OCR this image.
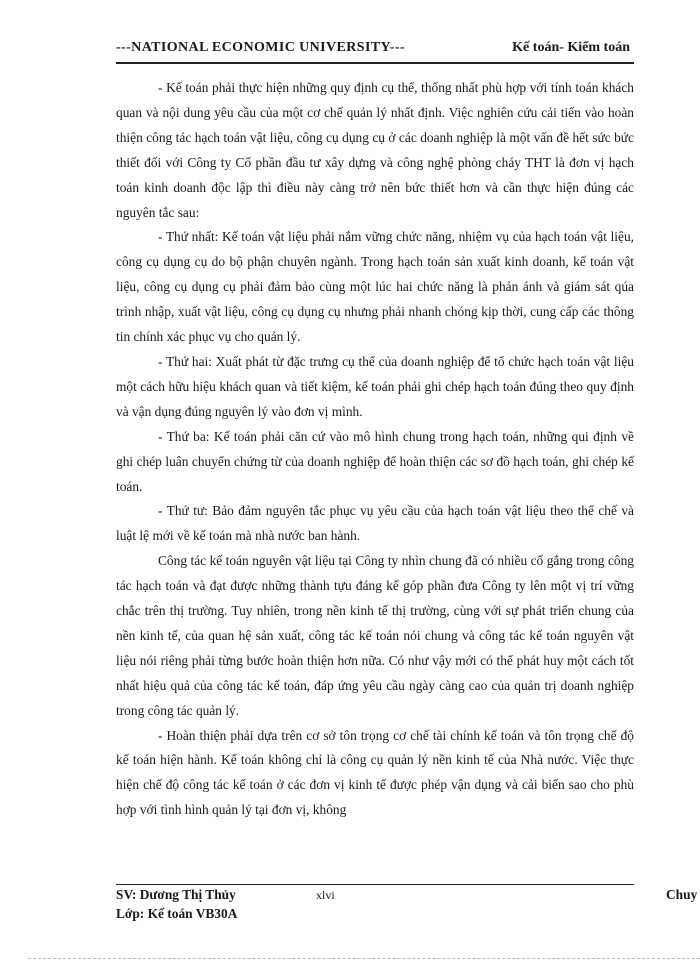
---NATIONAL ECONOMIC UNIVERSITY---	Kế toán- Kiểm toán

- Kế toán phải thực hiện những quy định cụ thể, thống nhất phù hợp với tính toán khách quan và nội dung yêu cầu của một cơ chế quản lý nhất định. Việc nghiên cứu cải tiến vào hoàn thiện công tác hạch toán vật liệu, công cụ dụng cụ ở các doanh nghiệp là một vấn đề hết sức bức thiết đối với Công ty Cổ phần đầu tư xây dựng và công nghệ phòng cháy THT là đơn vị hạch toán kinh doanh độc lập thì điều này càng trở nên bức thiết hơn và cần thực hiện đúng các nguyên tắc sau:

- Thứ nhất: Kế toán vật liệu phải nắm vững chức năng, nhiệm vụ của hạch toán vật liệu, công cụ dụng cụ do bộ phận chuyên ngành. Trong hạch toán sản xuất kinh doanh, kế toán vật liệu, công cụ dụng cụ phải đảm bảo cùng một lúc hai chức năng là phản ánh và giám sát qúa trình nhập, xuất vật liệu, công cụ dụng cụ nhưng phải nhanh chóng kịp thời, cung cấp các thông tin chính xác phục vụ cho quản lý.

- Thứ hai: Xuất phát từ đặc trưng cụ thể của doanh nghiệp để tổ chức hạch toán vật liệu một cách hữu hiệu khách quan và tiết kiệm, kế toán phải ghi chép hạch toán đúng theo quy định và vận dụng đúng nguyên lý vào đơn vị mình.

- Thứ ba: Kế toán phải căn cứ vào mô hình chung trong hạch toán, những qui định về ghi chép luân chuyển chứng từ của doanh nghiệp để hoàn thiện các sơ đồ hạch toán, ghi chép kế toán.

- Thứ tư: Bảo đảm nguyên tắc phục vụ yêu cầu của hạch toán vật liệu theo thể chế và luật lệ mới về kế toán mà nhà nước ban hành.

Công tác kế toán nguyên vật liệu tại Công ty nhìn chung đã có nhiều cố gắng trong công tác hạch toán và đạt được những thành tựu đáng kể góp phần đưa Công ty lên một vị trí vững chắc trên thị trường. Tuy nhiên, trong nền kinh tế thị trường, cùng với sự phát triển chung của nền kinh tế, của quan hệ sản xuất, công tác kế toán nói chung và công tác kế toán nguyên vật liệu nói riêng phải từng bước hoàn thiện hơn nữa. Có như vậy mới có thể phát huy một cách tốt nhất hiệu quả của công tác kế toán, đáp ứng yêu cầu ngày càng cao của quản trị doanh nghiệp trong công tác quản lý.

- Hoàn thiện phải dựa trên cơ sở tôn trọng cơ chế tài chính kế toán và tôn trọng chế độ kế toán hiện hành. Kế toán không chỉ là công cụ quản lý nền kinh tế của Nhà nước. Việc thực hiện chế độ công tác kế toán ở các đơn vị kinh tế được phép vận dụng và cải biến sao cho phù hợp với tình hình quản lý tại đơn vị, không

SV: Dương Thị Thủy
Lớp: Kế toán VB30A
xlvi	Chuy
